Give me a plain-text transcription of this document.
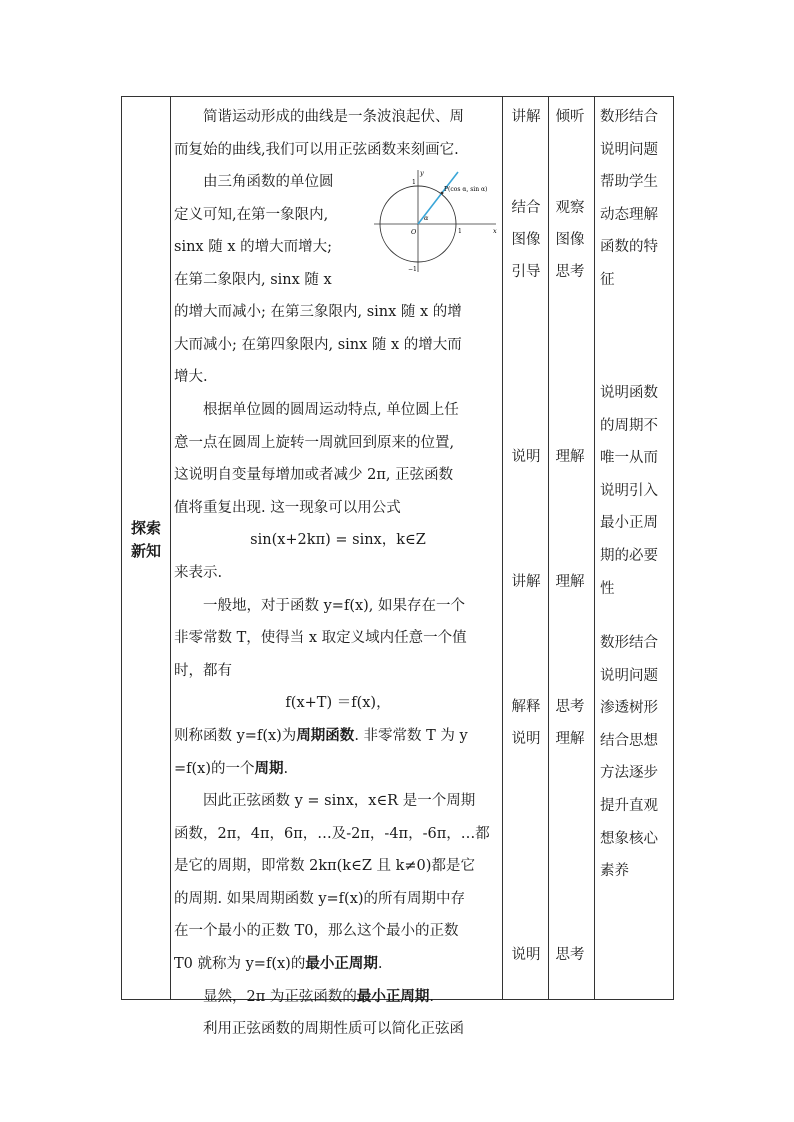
探索
新知

简谐运动形成的曲线是一条波浪起伏、周

而复始的曲线,我们可以用正弦函数来刻画它.

由三角函数的单位圆

定义可知,在第一象限内,

sinx 随 x 的增大而增大;

在第二象限内, sinx 随 x

P(cos α, sin α)
x
y
O
α
1
1
−1

的增大而减小; 在第三象限内, sinx 随 x 的增

大而减小; 在第四象限内, sinx 随 x 的增大而

增大.

根据单位圆的圆周运动特点, 单位圆上任

意一点在圆周上旋转一周就回到原来的位置,

这说明自变量每增加或者减少 2π, 正弦函数

值将重复出现. 这一现象可以用公式

sin(x+2kπ) = sinx，k∈Z

来表示.

一般地，对于函数 y=f(x), 如果存在一个

非零常数 T，使得当 x 取定义域内任意一个值

时，都有

f(x+T) ＝f(x)，

则称函数 y=f(x)为周期函数. 非零常数 T 为 y

=f(x)的一个周期.

因此正弦函数 y = sinx，x∈R 是一个周期

函数，2π，4π，6π，…及-2π，-4π，-6π，…都

是它的周期，即常数 2kπ(k∈Z 且 k≠0)都是它

的周期. 如果周期函数 y=f(x)的所有周期中存

在一个最小的正数 T0，那么这个最小的正数

T0 就称为 y=f(x)的最小正周期.

显然，2π 为正弦函数的最小正周期.

利用正弦函数的周期性质可以简化正弦函

讲解
结合
图像
引导
说明
讲解
解释
说明
说明
倾听
观察
图像
思考
理解
理解
思考
理解
思考
数形结合
说明问题
帮助学生
动态理解
函数的特
征
说明函数
的周期不
唯一从而
说明引入
最小正周
期的必要
性
数形结合
说明问题
渗透树形
结合思想
方法逐步
提升直观
想象核心
素养
